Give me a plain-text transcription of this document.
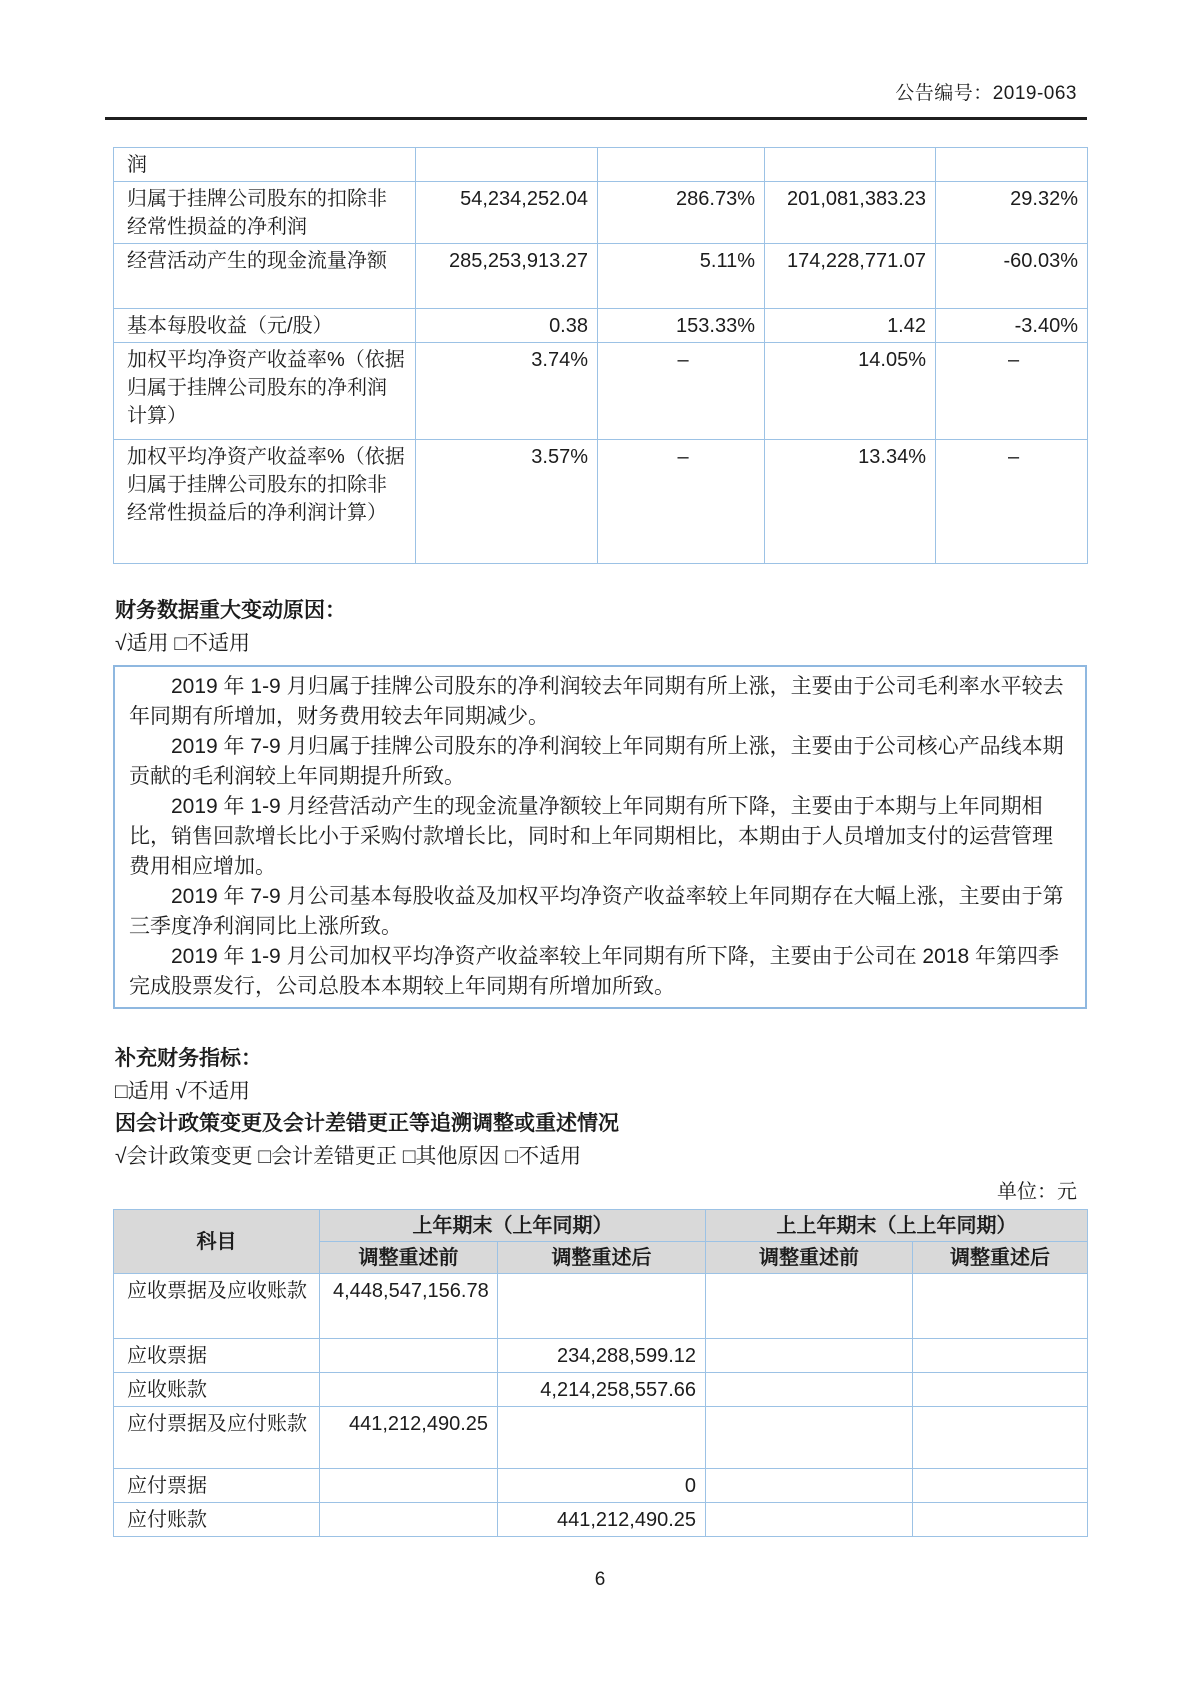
公告编号：2019-063
润				
归属于挂牌公司股东的扣除非经常性损益的净利润	54,234,252.04	286.73%	201,081,383.23	29.32%
经营活动产生的现金流量净额	285,253,913.27	5.11%	174,228,771.07	-60.03%
基本每股收益（元/股）	0.38	153.33%	1.42	-3.40%
加权平均净资产收益率%（依据归属于挂牌公司股东的净利润计算）	3.74%	–	14.05%	–
加权平均净资产收益率%（依据归属于挂牌公司股东的扣除非经常性损益后的净利润计算）	3.57%	–	13.34%	–
财务数据重大变动原因：
√适用 □不适用

2019 年 1-9 月归属于挂牌公司股东的净利润较去年同期有所上涨，主要由于公司毛利率水平较去年同期有所增加，财务费用较去年同期减少。

2019 年 7-9 月归属于挂牌公司股东的净利润较上年同期有所上涨，主要由于公司核心产品线本期贡献的毛利润较上年同期提升所致。

2019 年 1-9 月经营活动产生的现金流量净额较上年同期有所下降，主要由于本期与上年同期相比，销售回款增长比小于采购付款增长比，同时和上年同期相比，本期由于人员增加支付的运营管理费用相应增加。

2019 年 7-9 月公司基本每股收益及加权平均净资产收益率较上年同期存在大幅上涨，主要由于第三季度净利润同比上涨所致。

2019 年 1-9 月公司加权平均净资产收益率较上年同期有所下降，主要由于公司在 2018 年第四季完成股票发行，公司总股本本期较上年同期有所增加所致。

补充财务指标：
□适用 √不适用
因会计政策变更及会计差错更正等追溯调整或重述情况
√会计政策变更 □会计差错更正 □其他原因 □不适用
单位：元
科目	上年期末（上年同期）		上上年期末（上上年同期）	
	调整重述前	调整重述后	调整重述前	调整重述后
应收票据及应收账款	4,448,547,156.78			
应收票据		234,288,599.12		
应收账款		4,214,258,557.66		
应付票据及应付账款	441,212,490.25			
应付票据		0		
应付账款		441,212,490.25		
6
